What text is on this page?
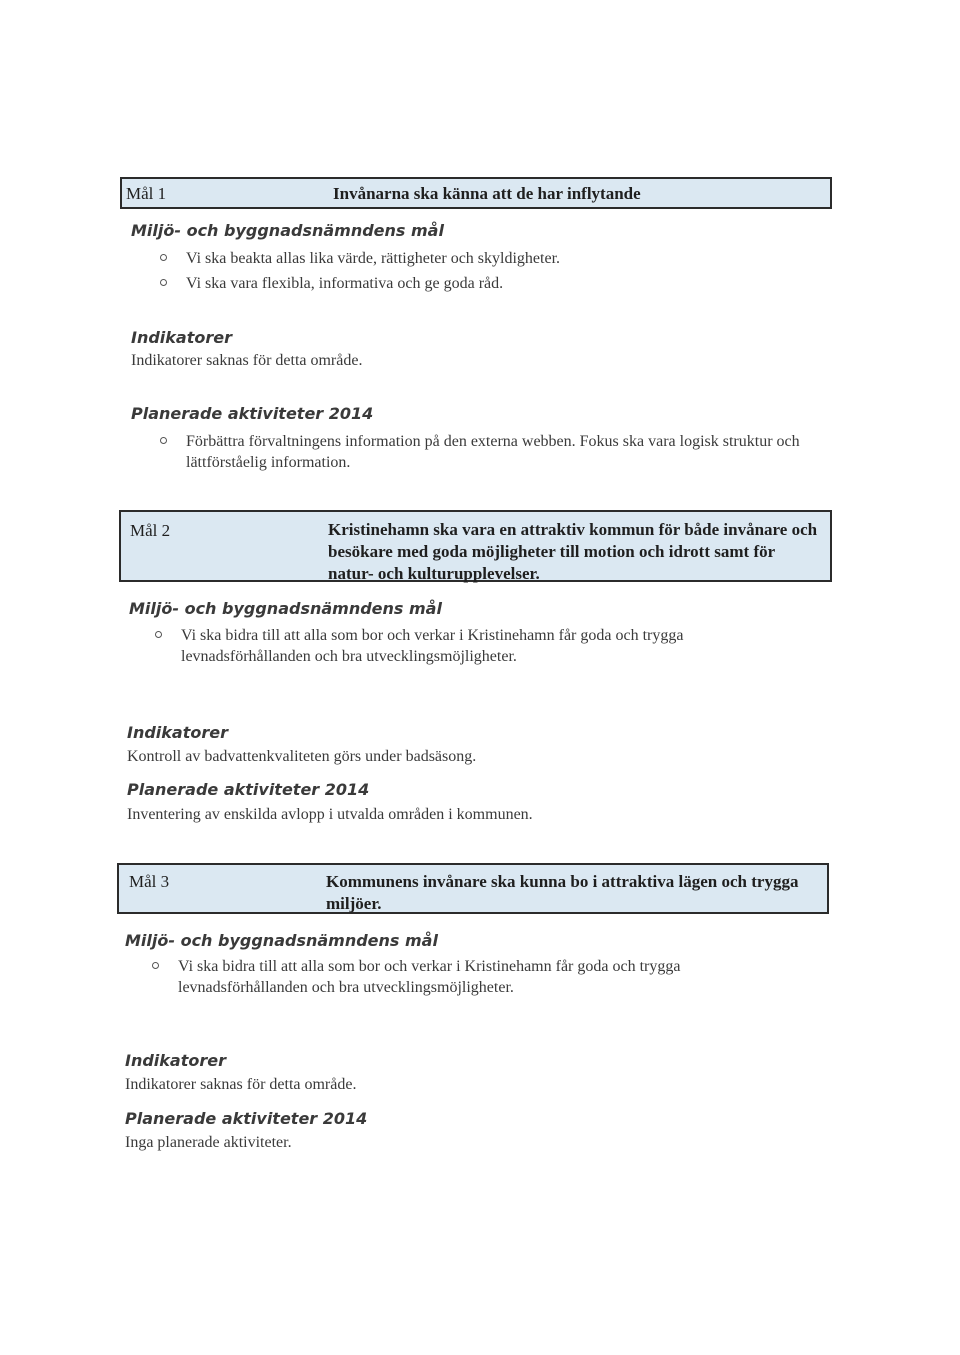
Mål 1	Invånarna ska känna att de har inflytande
Miljö- och byggnadsnämndens mål
Vi ska beakta allas lika värde, rättigheter och skyldigheter.
Vi ska vara flexibla, informativa och ge goda råd.
Indikatorer
Indikatorer saknas för detta område.
Planerade aktiviteter 2014
Förbättra förvaltningens information på den externa webben. Fokus ska vara logisk struktur och lättförståelig information.
Mål 2	Kristinehamn ska vara en attraktiv kommun för både invånare och besökare med goda möjligheter till motion och idrott samt för natur- och kulturupplevelser.
Miljö- och byggnadsnämndens mål
Vi ska bidra till att alla som bor och verkar i Kristinehamn får goda och trygga levnadsförhållanden och bra utvecklingsmöjligheter.
Indikatorer
Kontroll av badvattenkvaliteten görs under badsäsong.
Planerade aktiviteter 2014
Inventering av enskilda avlopp i utvalda områden i kommunen.
Mål 3	Kommunens invånare ska kunna bo i attraktiva lägen och trygga miljöer.
Miljö- och byggnadsnämndens mål
Vi ska bidra till att alla som bor och verkar i Kristinehamn får goda och trygga levnadsförhållanden och bra utvecklingsmöjligheter.
Indikatorer
Indikatorer saknas för detta område.
Planerade aktiviteter 2014
Inga planerade aktiviteter.
